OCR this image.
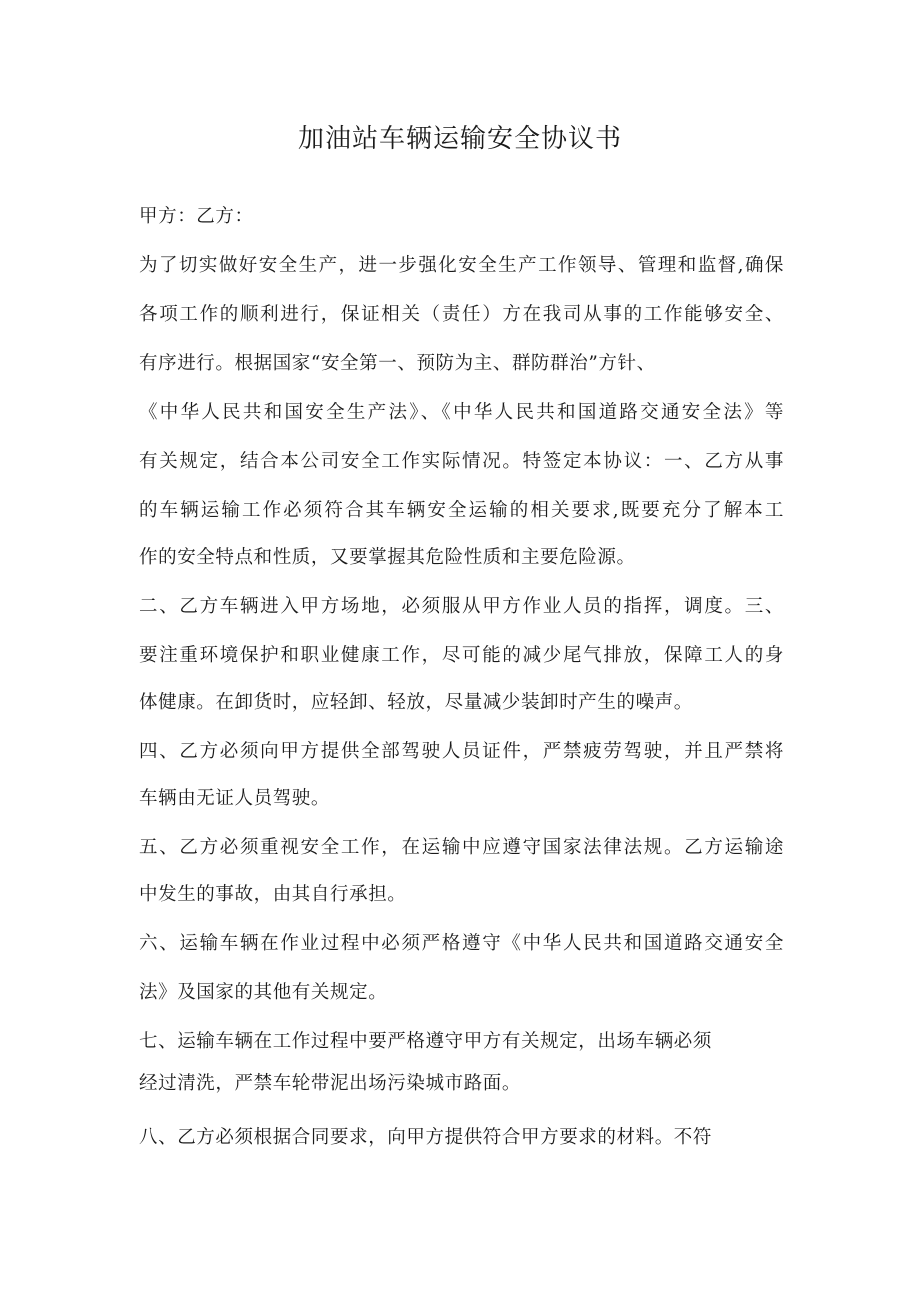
加油站车辆运输安全协议书
甲方：乙方：
为了切实做好安全生产，进一步强化安全生产工作领导、管理和监督,确保
各项工作的顺利进行，保证相关（责任）方在我司从事的工作能够安全、
有序进行。根据国家“安全第一、预防为主、群防群治”方针、
《中华人民共和国安全生产法》、《中华人民共和国道路交通安全法》等
有关规定，结合本公司安全工作实际情况。特签定本协议：一、乙方从事
的车辆运输工作必须符合其车辆安全运输的相关要求,既要充分了解本工
作的安全特点和性质，又要掌握其危险性质和主要危险源。
二、乙方车辆进入甲方场地，必须服从甲方作业人员的指挥，调度。三、
要注重环境保护和职业健康工作，尽可能的减少尾气排放，保障工人的身
体健康。在卸货时，应轻卸、轻放，尽量减少装卸时产生的噪声。
四、乙方必须向甲方提供全部驾驶人员证件，严禁疲劳驾驶，并且严禁将
车辆由无证人员驾驶。
五、乙方必须重视安全工作，在运输中应遵守国家法律法规。乙方运输途
中发生的事故，由其自行承担。
六、运输车辆在作业过程中必须严格遵守《中华人民共和国道路交通安全
法》及国家的其他有关规定。
七、运输车辆在工作过程中要严格遵守甲方有关规定，出场车辆必须
经过清洗，严禁车轮带泥出场污染城市路面。
八、乙方必须根据合同要求，向甲方提供符合甲方要求的材料。不符
